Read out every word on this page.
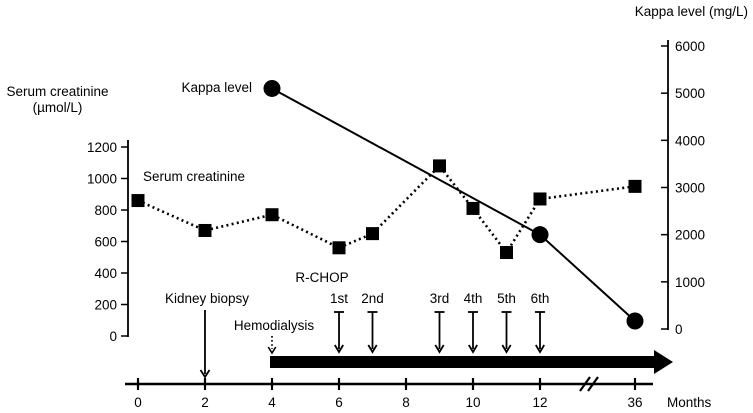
0
200
400
600
800
1000
1200
0
1000
2000
3000
4000
5000
6000
0	2	4	6	8	10	12	36
Kappa level (mg/L)
Serum creatinine
(µmol/L)
Kappa level
Serum creatinine
Kidney biopsy
Hemodialysis
R-CHOP
1st 2nd	3rd	4th	5th	6th
Months
